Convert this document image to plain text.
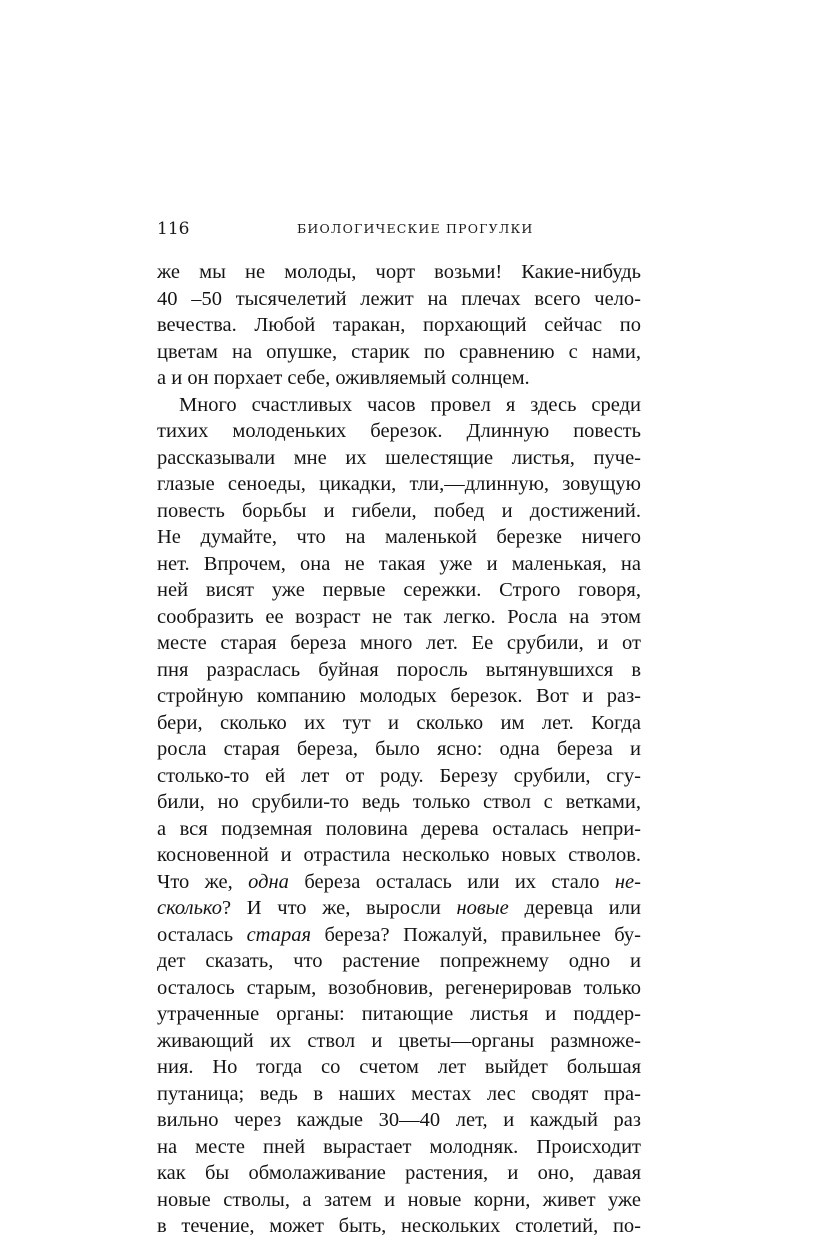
116	БИОЛОГИЧЕСКИЕ ПРОГУЛКИ
же мы не молоды, чорт возьми! Какие-нибудь
40 –50 тысячелетий лежит на плечах всего чело-
вечества. Любой таракан, порхающий сейчас по
цветам на опушке, старик по сравнению с нами,
а и он порхает себе, оживляемый солнцем.
Много счастливых часов провел я здесь среди
тихих молоденьких березок. Длинную повесть
рассказывали мне их шелестящие листья, пуче-
глазые сеноеды, цикадки, тли,—длинную, зовущую
повесть борьбы и гибели, побед и достижений.
Не думайте, что на маленькой березке ничего
нет. Впрочем, она не такая уже и маленькая, на
ней висят уже первые сережки. Строго говоря,
сообразить ее возраст не так легко. Росла на этом
месте старая береза много лет. Ее срубили, и от
пня разраслась буйная поросль вытянувшихся в
стройную компанию молодых березок. Вот и раз-
бери, сколько их тут и сколько им лет. Когда
росла старая береза, было ясно: одна береза и
столько-то ей лет от роду. Березу срубили, сгу-
били, но срубили-то ведь только ствол с ветками,
а вся подземная половина дерева осталась непри-
косновенной и отрастила несколько новых стволов.
Что же, одна береза осталась или их стало не-
сколько? И что же, выросли новые деревца или
осталась старая береза? Пожалуй, правильнее бу-
дет сказать, что растение попрежнему одно и
осталось старым, возобновив, регенерировав только
утраченные органы: питающие листья и поддер-
живающий их ствол и цветы—органы размноже-
ния. Но тогда со счетом лет выйдет большая
путаница; ведь в наших местах лес сводят пра-
вильно через каждые 30—40 лет, и каждый раз
на месте пней вырастает молодняк. Происходит
как бы обмолаживание растения, и оно, давая
новые стволы, а затем и новые корни, живет уже
в течение, может быть, нескольких столетий, по-
